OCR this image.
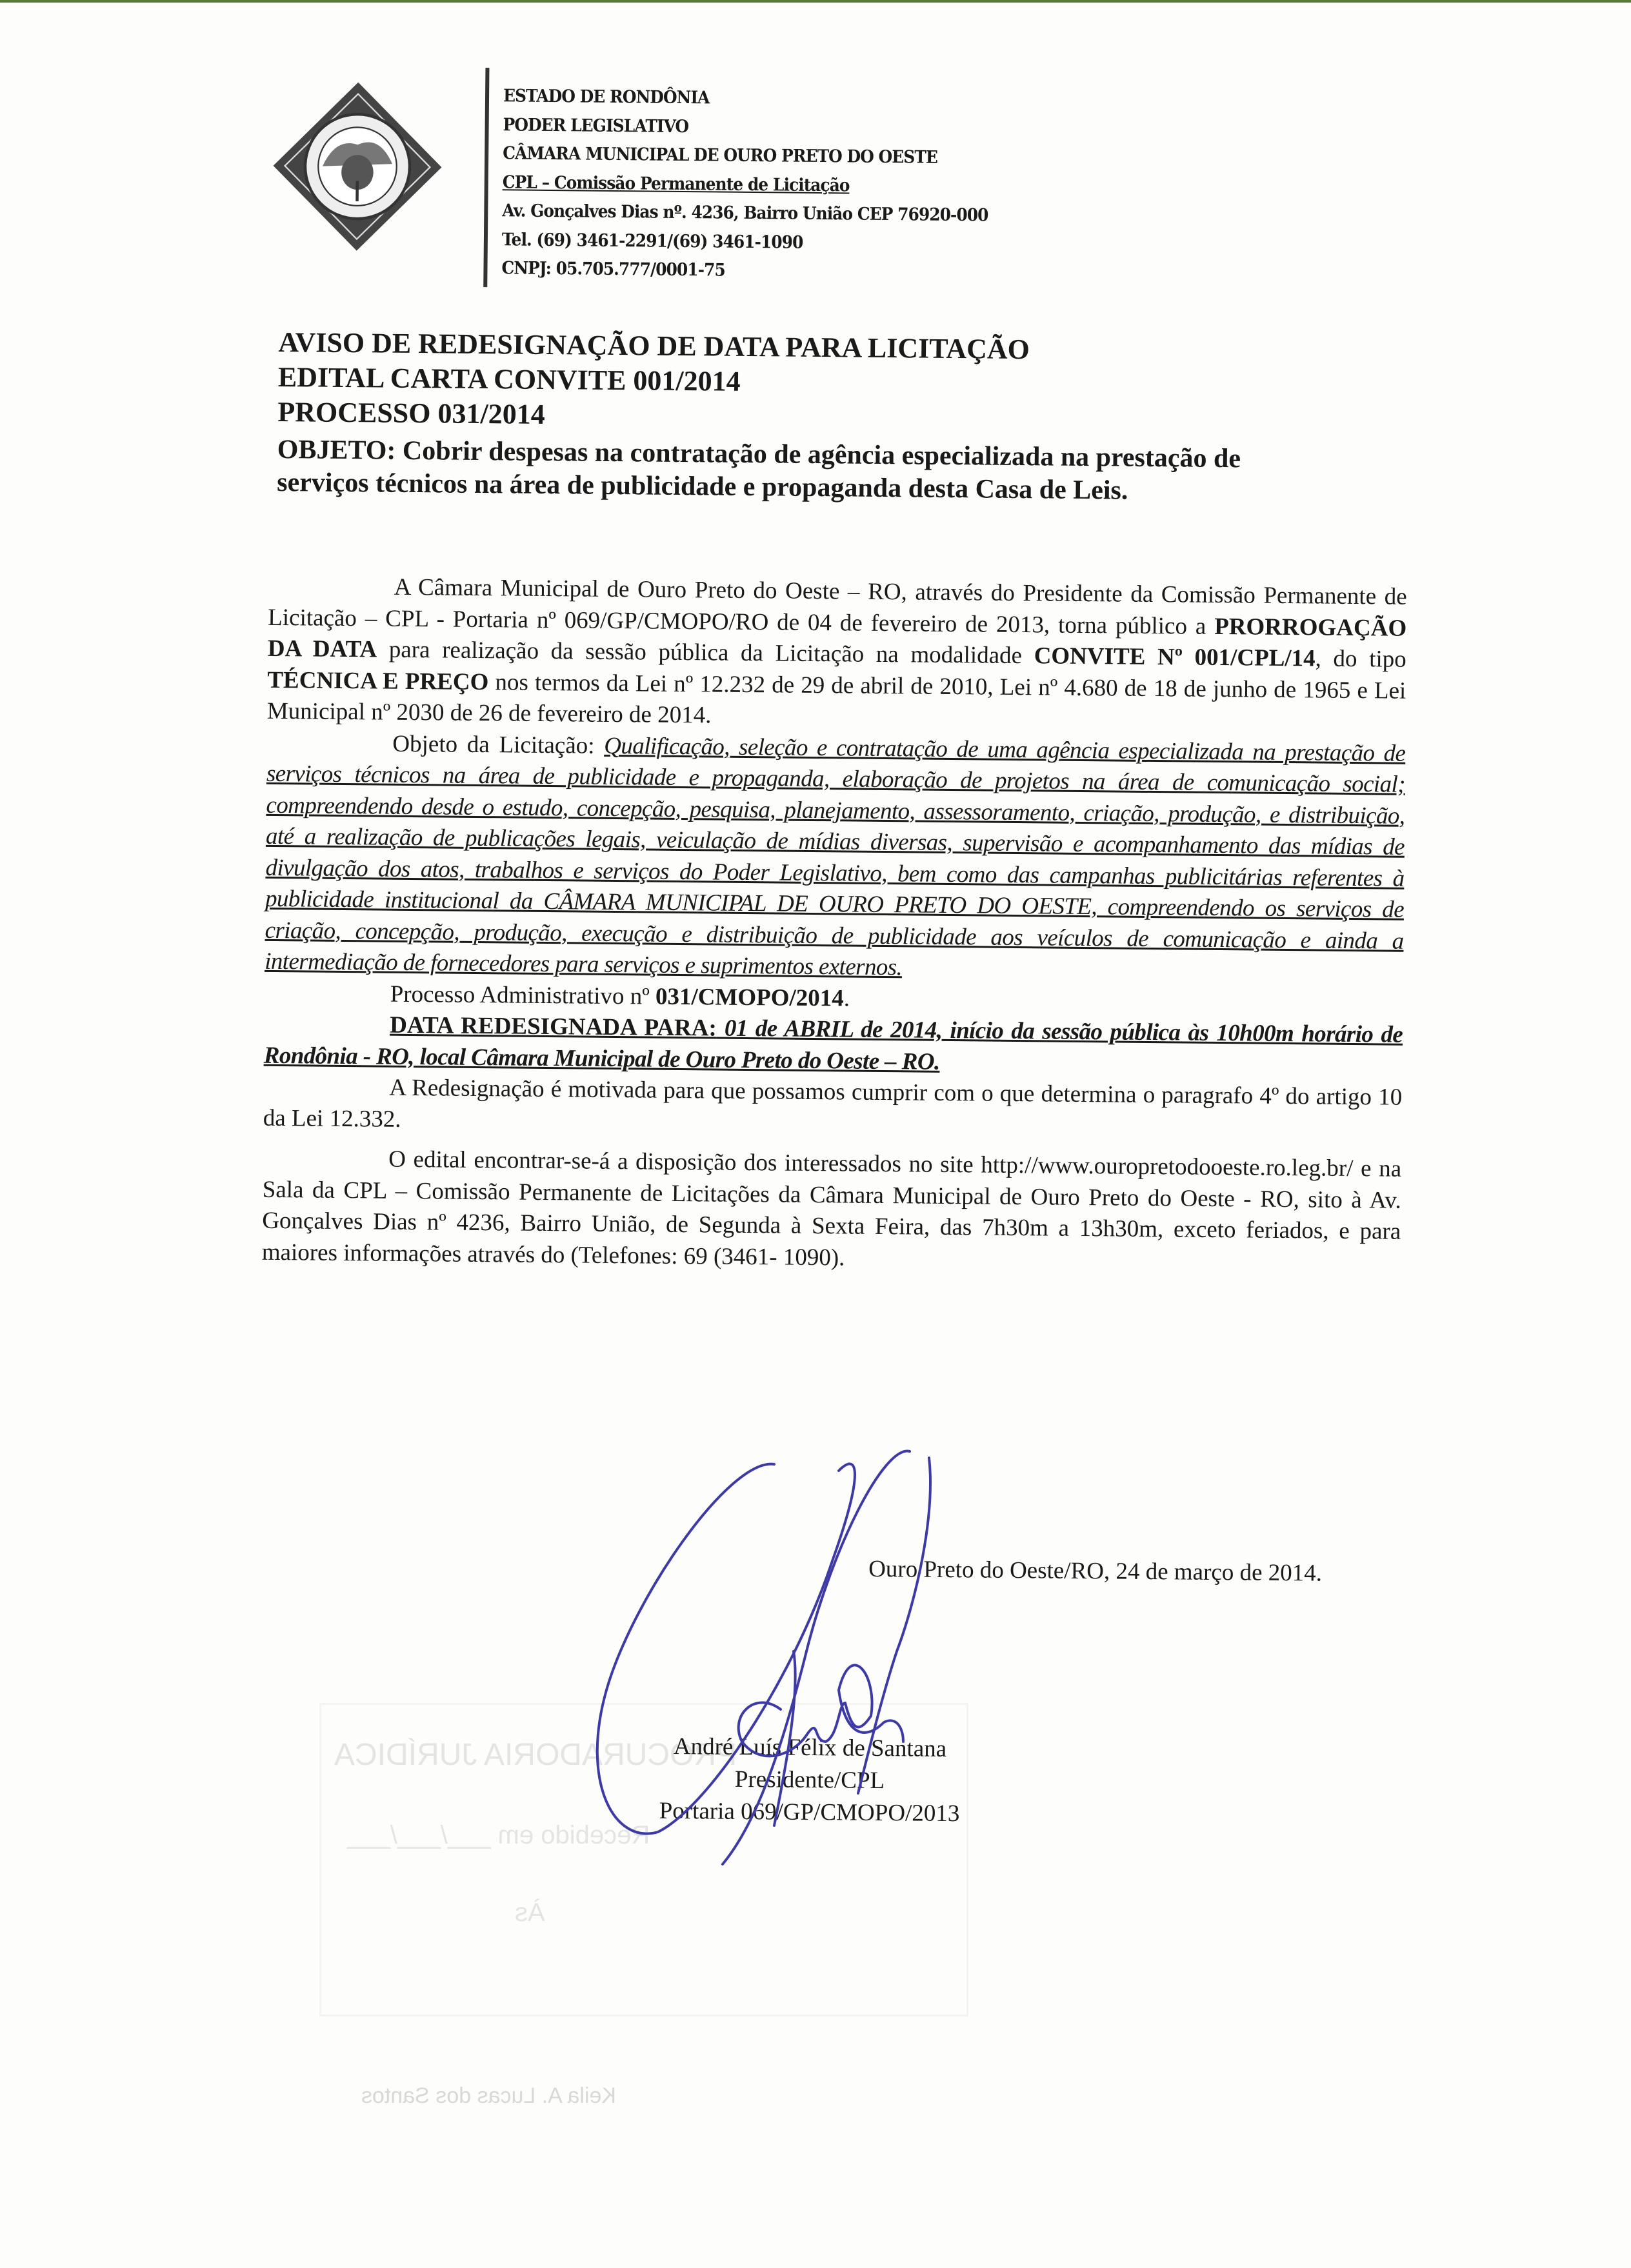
PROCURADORIA JURÍDICA
Recebido em ___/___/___
Às
Keila A. Lucas dos Santos
ESTADO DE RONDÔNIA
PODER LEGISLATIVO
CÂMARA MUNICIPAL DE OURO PRETO DO OESTE
CPL – Comissão Permanente de Licitação
Av. Gonçalves Dias nº. 4236, Bairro União CEP 76920-000
Tel. (69) 3461-2291/(69) 3461-1090
CNPJ: 05.705.777/0001-75
AVISO DE REDESIGNAÇÃO DE DATA PARA LICITAÇÃO
EDITAL CARTA CONVITE 001/2014
PROCESSO 031/2014
OBJETO: Cobrir despesas na contratação de agência especializada na prestação de serviços técnicos na área de publicidade e propaganda desta Casa de Leis.

A Câmara Municipal de Ouro Preto do Oeste – RO, através do Presidente da Comissão Permanente de Licitação – CPL - Portaria nº 069/GP/CMOPO/RO de 04 de fevereiro de 2013, torna público a PRORROGAÇÃO DA DATA para realização da sessão pública da Licitação na modalidade CONVITE Nº 001/CPL/14, do tipo TÉCNICA E PREÇO nos termos da Lei nº 12.232 de 29 de abril de 2010, Lei nº 4.680 de 18 de junho de 1965 e Lei Municipal nº 2030 de 26 de fevereiro de 2014.

Objeto da Licitação: Qualificação, seleção e contratação de uma agência especializada na prestação de serviços técnicos na área de publicidade e propaganda, elaboração de projetos na área de comunicação social; compreendendo desde o estudo, concepção, pesquisa, planejamento, assessoramento, criação, produção, e distribuição, até a realização de publicações legais, veiculação de mídias diversas, supervisão e acompanhamento das mídias de divulgação dos atos, trabalhos e serviços do Poder Legislativo, bem como das campanhas publicitárias referentes à publicidade institucional da CÂMARA MUNICIPAL DE OURO PRETO DO OESTE, compreendendo os serviços de criação, concepção, produção, execução e distribuição de publicidade aos veículos de comunicação e ainda a intermediação de fornecedores para serviços e suprimentos externos.

Processo Administrativo nº 031/CMOPO/2014.

DATA REDESIGNADA PARA: 01 de ABRIL de 2014, início da sessão pública às 10h00m horário de Rondônia - RO, local Câmara Municipal de Ouro Preto do Oeste – RO.

A Redesignação é motivada para que possamos cumprir com o que determina o paragrafo 4º do artigo 10 da Lei 12.332.

O edital encontrar-se-á a disposição dos interessados no site http://www.ouropretodooeste.ro.leg.br/ e na Sala da CPL – Comissão Permanente de Licitações da Câmara Municipal de Ouro Preto do Oeste - RO, sito à Av. Gonçalves Dias nº 4236, Bairro União, de Segunda à Sexta Feira, das 7h30m a 13h30m, exceto feriados, e para maiores informações através do (Telefones: 69 (3461- 1090).

Ouro Preto do Oeste/RO, 24 de março de 2014.
André Luís Félix de Santana
Presidente/CPL
Portaria 069/GP/CMOPO/2013
